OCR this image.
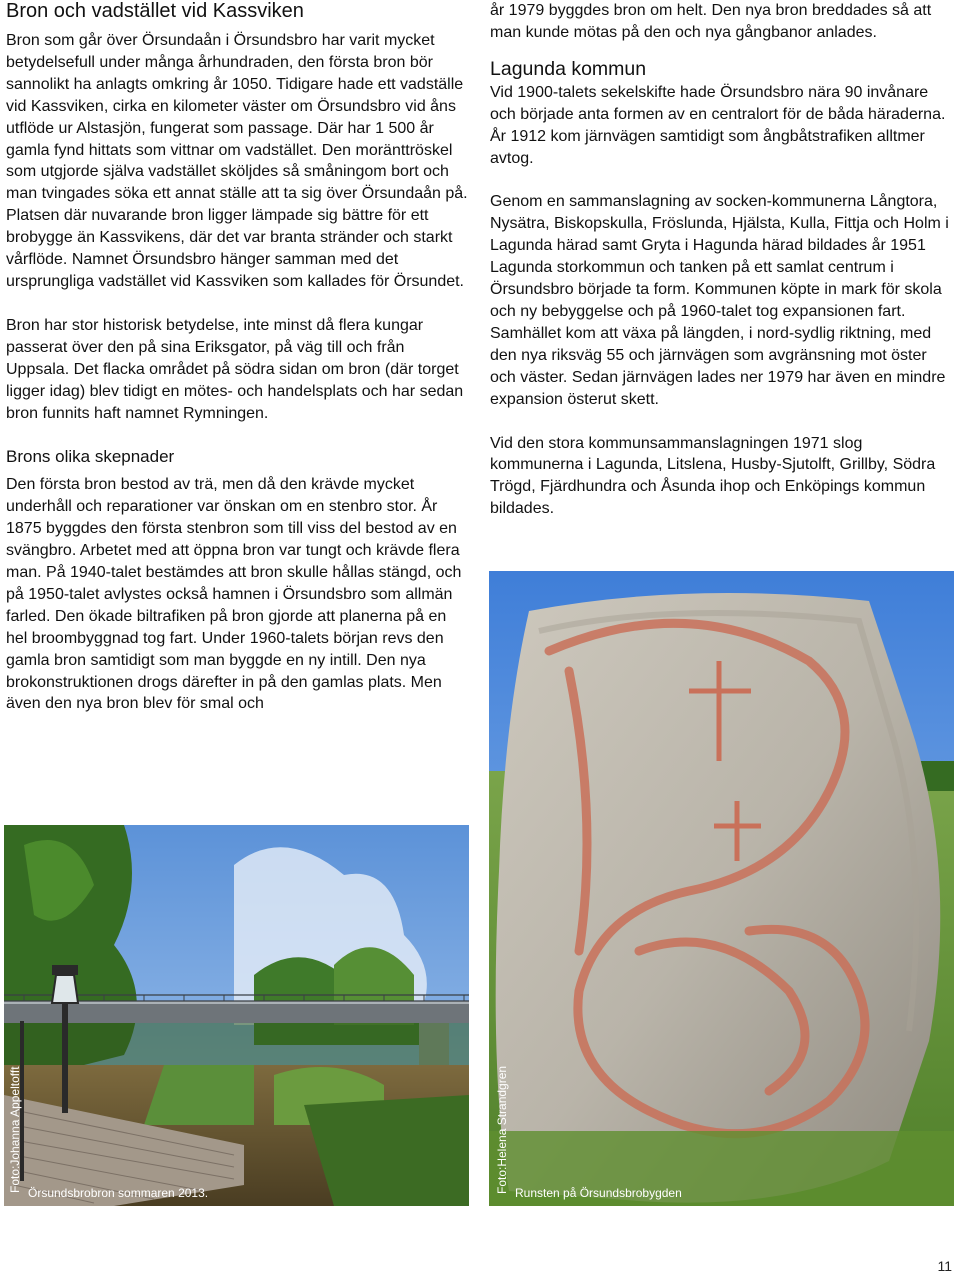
Bron och vadstället vid Kassviken

Bron som går över Örsundaån i Örsundsbro har varit mycket betydelsefull under många århundraden, den första bron bör sannolikt ha anlagts omkring år 1050. Tidigare hade ett vadställe vid Kassviken, cirka en kilometer väster om Örsundsbro vid åns utflöde ur Alstasjön, fungerat som passage. Där har 1 500 år gamla fynd hittats som vittnar om vadstället. Den moränttröskel som utgjorde själva vadstället sköljdes så småningom bort och man tvingades söka ett annat ställe att ta sig över Örsundaån på. Platsen där nuvarande bron ligger lämpade sig bättre för ett brobygge än Kassvikens, där det var branta stränder och starkt vårflöde. Namnet Örsundsbro hänger samman med det ursprungliga vadstället vid Kassviken som kallades för Örsundet.

Bron har stor historisk betydelse, inte minst då flera kungar passerat över den på sina Eriksgator, på väg till och från Uppsala. Det flacka området på södra sidan om bron (där torget ligger idag) blev tidigt en mötes- och handelsplats och har sedan bron funnits haft namnet Rymningen.

Brons olika skepnader

Den första bron bestod av trä, men då den krävde mycket underhåll och reparationer var önskan om en stenbro stor. År 1875 byggdes den första stenbron som till viss del bestod av en svängbro. Arbetet med att öppna bron var tungt och krävde flera man. På 1940-talet bestämdes att bron skulle hållas stängd, och på 1950-talet avlystes också hamnen i Örsundsbro som allmän farled. Den ökade biltrafiken på bron gjorde att planerna på en hel broombyggnad tog fart. Under 1960-talets början revs den gamla bron samtidigt som man byggde en ny intill. Den nya brokonstruktionen drogs därefter in på den gamlas plats. Men även den nya bron blev för smal och

år 1979 byggdes bron om helt. Den nya bron breddades så att man kunde mötas på den och nya gångbanor anlades.

Lagunda kommun

Vid 1900-talets sekelskifte hade Örsundsbro nära 90 invånare och började anta formen av en centralort för de båda häraderna. År 1912 kom järnvägen samtidigt som ångbåtstrafiken alltmer avtog.

Genom en sammanslagning av socken-kommunerna Långtora, Nysätra, Biskopskulla, Fröslunda, Hjälsta, Kulla, Fittja och Holm i Lagunda härad samt Gryta i Hagunda härad bildades år 1951 Lagunda storkommun och tanken på ett samlat centrum i Örsundsbro började ta form. Kommunen köpte in mark för skola och ny bebyggelse och på 1960-talet tog expansionen fart. Samhället kom att växa på längden, i nord-sydlig riktning, med den nya riksväg 55 och järnvägen som avgränsning mot öster och väster. Sedan järnvägen lades ner 1979 har även en mindre expansion österut skett.

Vid den stora kommunsammanslagningen 1971 slog kommunerna i Lagunda, Litslena, Husby-Sjutolft, Grillby, Södra Trögd, Fjärdhundra och Åsunda ihop och Enköpings kommun bildades.

Foto:Johanna Appeltofft Örsundsbrobron sommaren 2013.	Foto:Helena Strandgren Runsten på Örsundsbrobygden
11
